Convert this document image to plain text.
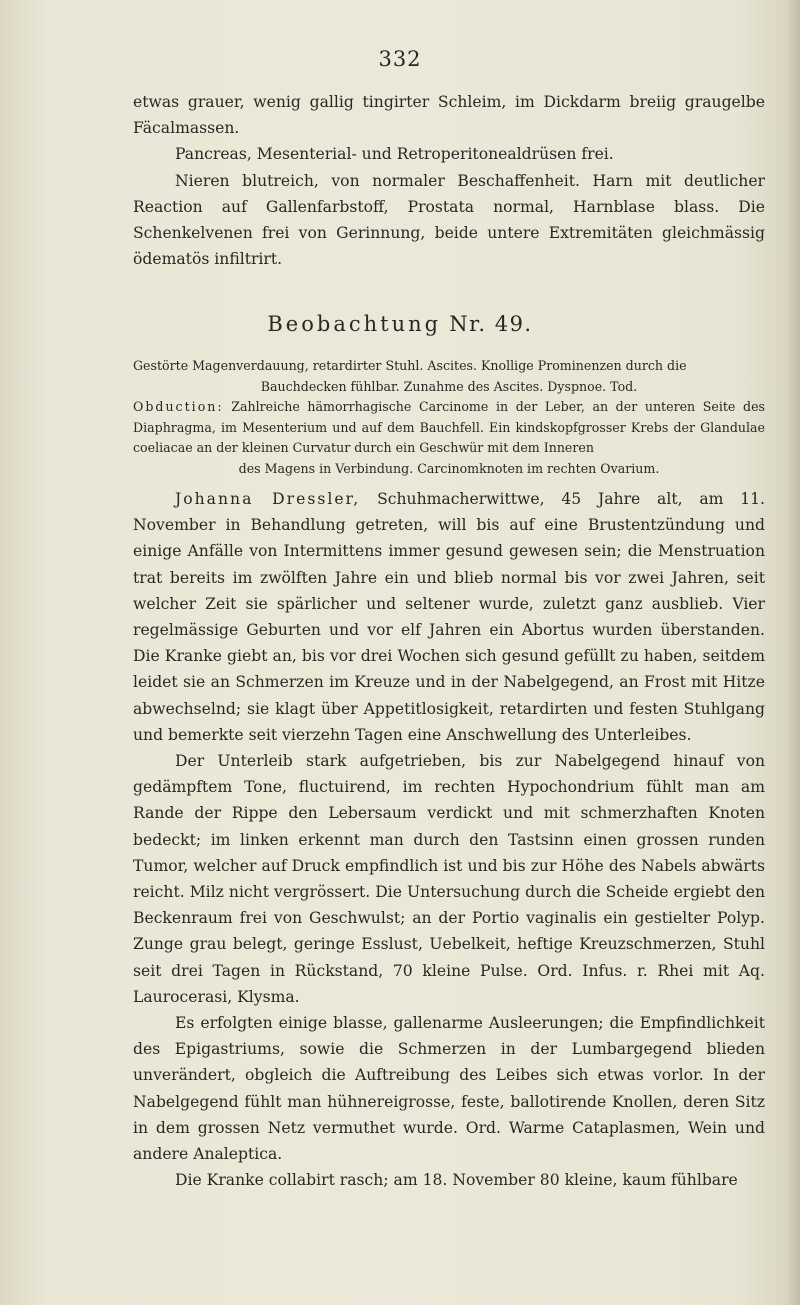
332

etwas grauer, wenig gallig tingirter Schleim, im Dickdarm breiig graugelbe Fäcalmassen.

Pancreas, Mesenterial- und Retroperitonealdrüsen frei.

Nieren blutreich, von normaler Beschaffenheit. Harn mit deutlicher Reaction auf Gallenfarbstoff, Prostata normal, Harnblase blass. Die Schenkelvenen frei von Gerinnung, beide untere Extremitäten gleichmässig ödematös infiltrirt.

Beobachtung Nr. 49.

Gestörte Magenverdauung, retardirter Stuhl. Ascites. Knollige Prominenzen durch die

Bauchdecken fühlbar. Zunahme des Ascites. Dyspnoe. Tod.

Obduction: Zahlreiche hämorrhagische Carcinome in der Leber, an der unteren Seite des Diaphragma, im Mesenterium und auf dem Bauchfell. Ein kindskopfgrosser Krebs der Glandulae coeliacae an der kleinen Curvatur durch ein Geschwür mit dem Inneren

des Magens in Verbindung. Carcinomknoten im rechten Ovarium.

Johanna Dressler, Schuhmacherwittwe, 45 Jahre alt, am 11. November in Behandlung getreten, will bis auf eine Brustentzündung und einige Anfälle von Intermittens immer gesund gewesen sein; die Menstruation trat bereits im zwölften Jahre ein und blieb normal bis vor zwei Jahren, seit welcher Zeit sie spärlicher und seltener wurde, zuletzt ganz ausblieb. Vier regelmässige Geburten und vor elf Jahren ein Abortus wurden überstanden. Die Kranke giebt an, bis vor drei Wochen sich gesund gefüllt zu haben, seitdem leidet sie an Schmerzen im Kreuze und in der Nabelgegend, an Frost mit Hitze abwechselnd; sie klagt über Appetitlosigkeit, retardirten und festen Stuhlgang und bemerkte seit vierzehn Tagen eine Anschwellung des Unterleibes.

Der Unterleib stark aufgetrieben, bis zur Nabelgegend hinauf von gedämpftem Tone, fluctuirend, im rechten Hypochondrium fühlt man am Rande der Rippe den Lebersaum verdickt und mit schmerzhaften Knoten bedeckt; im linken erkennt man durch den Tastsinn einen grossen runden Tumor, welcher auf Druck empfindlich ist und bis zur Höhe des Nabels abwärts reicht. Milz nicht vergrössert. Die Untersuchung durch die Scheide ergiebt den Beckenraum frei von Geschwulst; an der Portio vaginalis ein gestielter Polyp. Zunge grau belegt, geringe Esslust, Uebelkeit, heftige Kreuzschmerzen, Stuhl seit drei Tagen in Rückstand, 70 kleine Pulse. Ord. Infus. r. Rhei mit Aq. Laurocerasi, Klysma.

Es erfolgten einige blasse, gallenarme Ausleerungen; die Empfindlichkeit des Epigastriums, sowie die Schmerzen in der Lumbargegend blieden unverändert, obgleich die Auftreibung des Leibes sich etwas vorlor. In der Nabelgegend fühlt man hühnereigrosse, feste, ballotirende Knollen, deren Sitz in dem grossen Netz vermuthet wurde. Ord. Warme Cataplasmen, Wein und andere Analeptica.

Die Kranke collabirt rasch; am 18. November 80 kleine, kaum fühlbare
